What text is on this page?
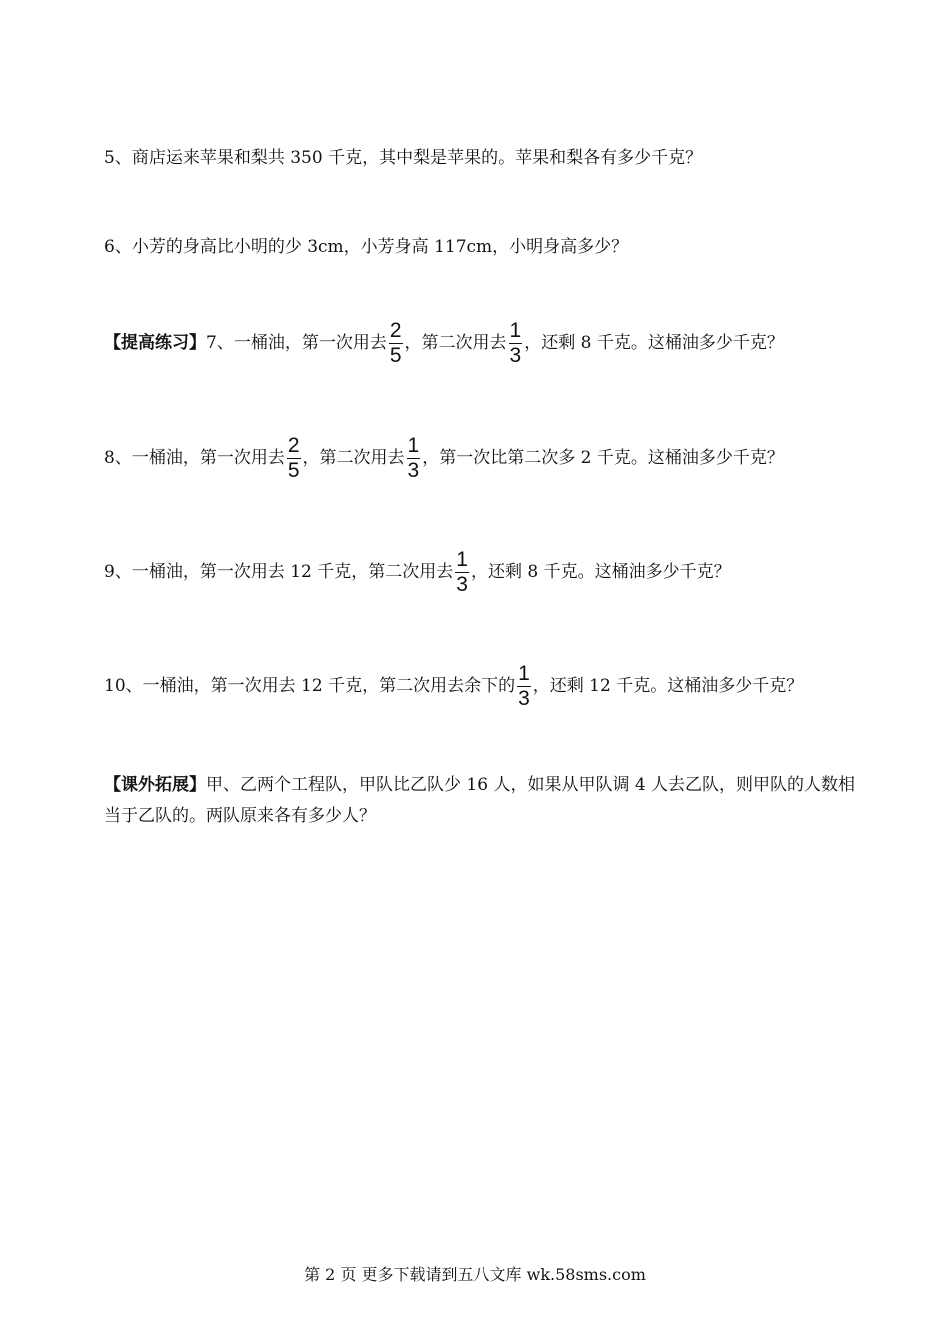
5、商店运来苹果和梨共 350 千克，其中梨是苹果的。苹果和梨各有多少千克？
6、小芳的身高比小明的少 3cm，小芳身高 117cm，小明身高多少？
【提高练习】7、一桶油，第一次用去 $\frac{2}{5}$ ，第二次用去 $\frac{1}{3}$ ，还剩 8 千克。这桶油多少千克？
8、一桶油，第一次用去 $\frac{2}{5}$ ，第二次用去 $\frac{1}{3}$ ，第一次比第二次多 2 千克。这桶油多少千克？
9、一桶油，第一次用去 12 千克，第二次用去 $\frac{1}{3}$ ，还剩 8 千克。这桶油多少千克？
10、一桶油，第一次用去 12 千克，第二次用去余下的 $\frac{1}{3}$ ，还剩 12 千克。这桶油多少千克？
【课外拓展】甲、乙两个工程队，甲队比乙队少 16 人，如果从甲队调 4 人去乙队，则甲队的人数相当于乙队的。两队原来各有多少人？
第 2 页 更多下载请到五八文库 wk.58sms.com
